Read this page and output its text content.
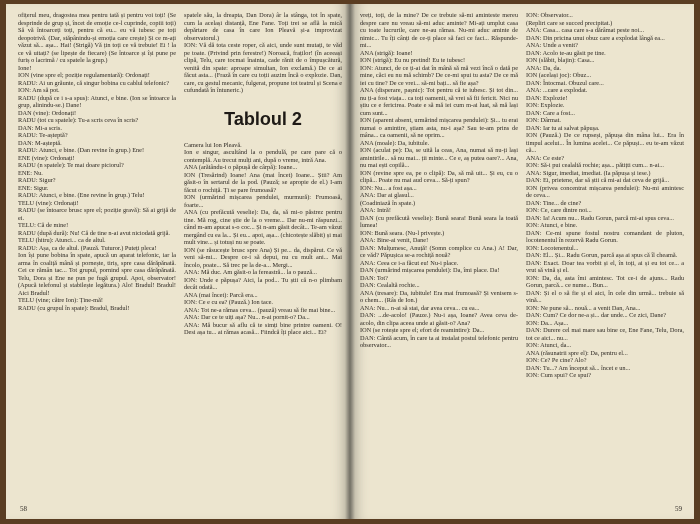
ofițerul meu, dragostea mea pentru tată și pentru voi toți! (Se desprinde de grup și, încet de emoție ce-l cuprinde, copiii toți) Să vă întoarceți toți, pentru că eu... eu vă iubesc pe toți deopotrivă. (Dar, stăpânindu-și emoția care crește) Și ce m-ați văzut să... așa... Hai! (Strigă) Vă țin toți ce vă trebuie! Ei ! la ce vă uitați? (se lipește de fiecare) (Se întoarce și își pune pe furiș o lacrimă / cu spatele la grup.)

Ione!

ION (vine spre el; poziție regulamentară): Ordonați!

RADU: Ai un grăunte, că singur bobina cu cablul telefonic?

ION: Am să pot.

RADU (după ce i s-a spus): Atunci, e bine. (Ion se întoarce la grup, alinindu-se.) Dane!

DAN (vine): Ordonați!

RADU (tot cu spatele): Tu-a scris ceva în scris?

DAN: Mi-a scris.

RADU: Te-așteptă?

DAN: M-așteptă.

RADU: Atunci, e bine. (Dan revine în grup.) Ene!

ENE (vine): Ordonați!

RADU (n spatele): Te mai doare piciorul?

ENE: Nu.

RADU: Sigur?

ENE: Sigur.

RADU: Atunci, e bine. (Ene revine în grup.) Telu!

TELU (vine): Ordonați!

RADU (se întoarce brusc spre el; poziție gravă): Să ai grijă de ei.

TELU: Că de mine!

RADU (după dură): Nu! Că de tine n-ai avut niciodată grijă.

TELU (hitru): Atunci... ca de altul.

RADU: Așa, ca de altul. (Pauză. Tuturor.) Puteți pleca!

Ion își pune bobina în spate, apucă un aparat telefonic, iar la arma în coaliță mână și pornește, tiriș, spre casa dărăpănată. Cei ce rămân tac... Tot grupul, pornind spre casa dărăpănată. Telu, Dora și Ene ne pun pe fugă grupul. Apoi, observator! (Apucă telefonul și stabilește legătura.) Alo! Bradul! Bradul! Aici Bradul!

TELU (vine; către Ion): Ține-mă!

RADU (cu grupul în spate): Bradul, Bradul!

spatele său, la dreapta, Dan Dora) âr la stânga, tot în spate, cum la același distanță, Ene Fane. Toți trei se află la mică depărtare de casa în care Ion Pleavă și-a improvizat observatorul.)

ION: Vă dă tota ceste roper, că aici, unde sunt mutați, te văd pe toate. (Privind prin ferestre!) Noroacă, fraților! (în aceeași clipă, Telu, care tocmai înainta, cade rănit de o împușcătură, venită din spate: aproape simultan, Ion exclamă.) De ce ai făcut asta... (Frază în care cu toții auzim încă o explozie. Dan, care, cu gestul mecanic, fulgerat, propune tot teatrul și Scena e cufundată în întuneric.)

Tabloul 2

Camera lui Ion Pleavă.

Ion e singur, ascultând la o pendulă, pe care pare că o contemplă. Au trecut mulți ani, după o vreme, intră Ana.

ANA (arătându-i o păpușă de cârpă): Ioane...

ION (Tresărind) Ioane! Ana (mai încet) Ioane... Știi? Am găsit-o în sertarul de la pod. (Pauză; se apropie de el.) I-am făcut o rochiță. Ți se pare frumoasă?

ION (urmărind mișcarea pendulei, murmură): Frumoasă, foarte...

ANA (cu prefăcută veselie): Da, da, să mi-o păstrez pentru tine. Mă rog, cine știe de la o vreme... Dar nu-mi răspunzi... când m-am apucat s-o coc... Și n-am găsit decât... Te-am văzut mergând cu ea la... Și eu... apoi, așa... (chicotește slăbit) și mai mult vine... și totuși nu se poate.

ION (se răsucește brusc spre Ana) Și pe... da, dispărut. Ce vă veni să-mi... Despre ce-i să depui, nu cu mult ani... Mai încolo, poate... Să trec pe la de-a... Mergi...

ANA: Mă duc. Am găsit-o la fereastră... la o pauză...

ION: Unde e păpușa? Aici, la pod... Tu știi că n-o plimbam decât odată...

ANA (mai încet): Parcă era...

ION: Ce e cu ea? (Pauză.) Ion tace.

ANA: Tot ne-a rămas ceva... (pauză) vreau să fie mai bine...

ANA: Dar ce te uiți așa? Nu... n-ai pornit-o? Da...

ANA: Mă bucur să aflu că te simți bine printre oameni. O! Desi așa tu... ai rămas acasă... Fiindcă îți place aici... Ei?

58

vreți, toți, de la mine? De ce trebuie să-mi aminteste mereu despre care nu vreau să-mi aduc aminte? Mi-ați umplut casa cu toate lucrurile, care ne-au rămas. Nu-mi aduc aminte de nimic... Tu îți cânți de ce-ți place să faci ce faci... Răspunde-mi...

ANA (strigă): Ioane!

ION (strigă): Eu nu pretind! Eu te iubesc!

ION: Atunci, de ce ți-ai dat în mână să mă vezi încă o dată pe mine, căci eu nu mă schimb? De ce-mi spui tu asta? De ce mă iei cu tine? De ce vrei... să-mi bați... să fie așa?

ANA (disperare, pașnic): Tot pentru că te iubesc. Și tot din... nu ți-a fost viața... ca toți oamenii, să vrei să fii fericit. Nici nu știu ce e fericirea. Poate e să mă iei cum m-ai luat, să mă lași cum sunt...

ION (aparent absent, urmărind mișcarea pendulei): Și... tu erai numai o amintire, știam asta, nu-i așa? Sau te-am prins de mâna... ca oamenii, să ne oprim...

ANA (moale): Da, iubitule.

ION (aculat pe): Da, se uită la ceas, Ana, numai să nu-ți lași amintirile... să nu mai... ții minte... Ce e, aș putea oare?... Ana, nu mai ești copilă...

ION (revine spre ea, pe o clipă): Da, să mă uit... Și eu, cu o clipă... Poate nu mai aud ceva... Să-ți spun?

ION: Nu... a fost așa...

ANA: Dar ai glasul...

(Coadiniază în spate.)

ANA: Intră!

DAN (cu prefăcută veselie): Bună seara! Bună seara la toată lumea!

ION: Bună seara. (Nu-l privește.)

ANA: Bine-ai venit, Dane!

DAN: Mulțumesc, Anuță! (Somn complice cu Ana.) A! Dar, ce văd? Păpușica se-a rochiță nouă?

ANA: Ceea ce i-a făcut eu! Nu-i place.

DAN (urmărind mișcarea pendulei): Da, îmi place. Da!

DAN: Tot?

DAN: Cealaltă rochie...

ANA (tresare): Da, iubitule! Era mai frumoasă? Și venisem s-o chem... (Râs de Ion.)

ANA: Nu... n-ai să stai, dar avea ceva... cu ea...

DAN: ...de-acolo! (Pauze.) Nu-i așa, Ioane? Avea ceva de-acolo, din clipa aceea unde ai găsit-o? Ana?

ION (se rotește spre el; efort de reamintire): Da...

DAN: Cântă acum, în care ta ai instalat postul telefonic pentru observator...

ION: Observator...

(Repliri care se succed precipitat.)

ANA: Casa... casa care s-a dărâmat peste noi...

DAN: Din pricina unui obuz care a explodat lângă ea...

ANA: Unde a venit?

DAN: Acolo te-au găsit pe tine.

ION (slăbit, blajin): Casa...

ANA: Da, da.

ION (același joc): Obuz...

DAN: Întocmai. Obuzul care...

ANA: ...care a explodat.

DAN: Explozie!

ION: Explozie.

DAN: Care a fost...

ION: Dârmat.

DAN: Iar tu ai salvat păpușa.

ION (Pauză.) De ce rupseși, păpușa din mâna lui... Era în timpul acelui... În lumina acelei... Ce păpuși... eu te-am văzut că...

ANA: Ce este?

ION: Să-i pui cealaltă rochie; așa... pătițti cum... n-ai...

ANA: Sigur, imediat, imediat. (Ia păpușa și iese.)

DAN: Ei, prietene, dar să știi că mi-ai dat ceva de grijă...

ION (privea concentrat mișcarea pendulei): Nu-mi amintesc de ceva...

DAN: Tine... de cine?

ION: Ce, care dintre noi...

DAN: Ia! Acum nu... Radu Gorun, parcă mi-ai spus ceva...

ION: Atunci, e bine.

DAN: Ce-mi spune fostul nostru comandant de pluton, locotenentul în rezervă Radu Gorun.

ION: Locotenentul...

DAN: El... Și... Radu Gorun, parcă așa ai spus că îl cheamă.

DAN: Exact. Doar tea vorbit și el, în toți, ai și eu tot ce... a vrut să vină și el.

ION: Da, da, asta îmi amintesc. Tot ce-i de ajuns... Radu Gorun, parcă... ce nume... Bun...

DAN: Și el o să fie și el aici, în cele din urmă... trebuie să vină...

ION: Ne pune să... nouă... a venit Dan, Ana...

DAN: Cum? Ce dor ne-a și... dar unde... Ce zici, Dane?

ION: Da... Așa...

DAN: Durere cel mai mare sau bine ce, Ene Fane, Telu, Dora, tot ce aici... nu...

ION: Atunci, da...

ANA (răsunatrii spre el): Da, pentru el...

ION: Ce? Pe cine? Alo?

DAN: Tu...? Am început să... încet e un...

ION: Cum spui? Ce spui?

59
